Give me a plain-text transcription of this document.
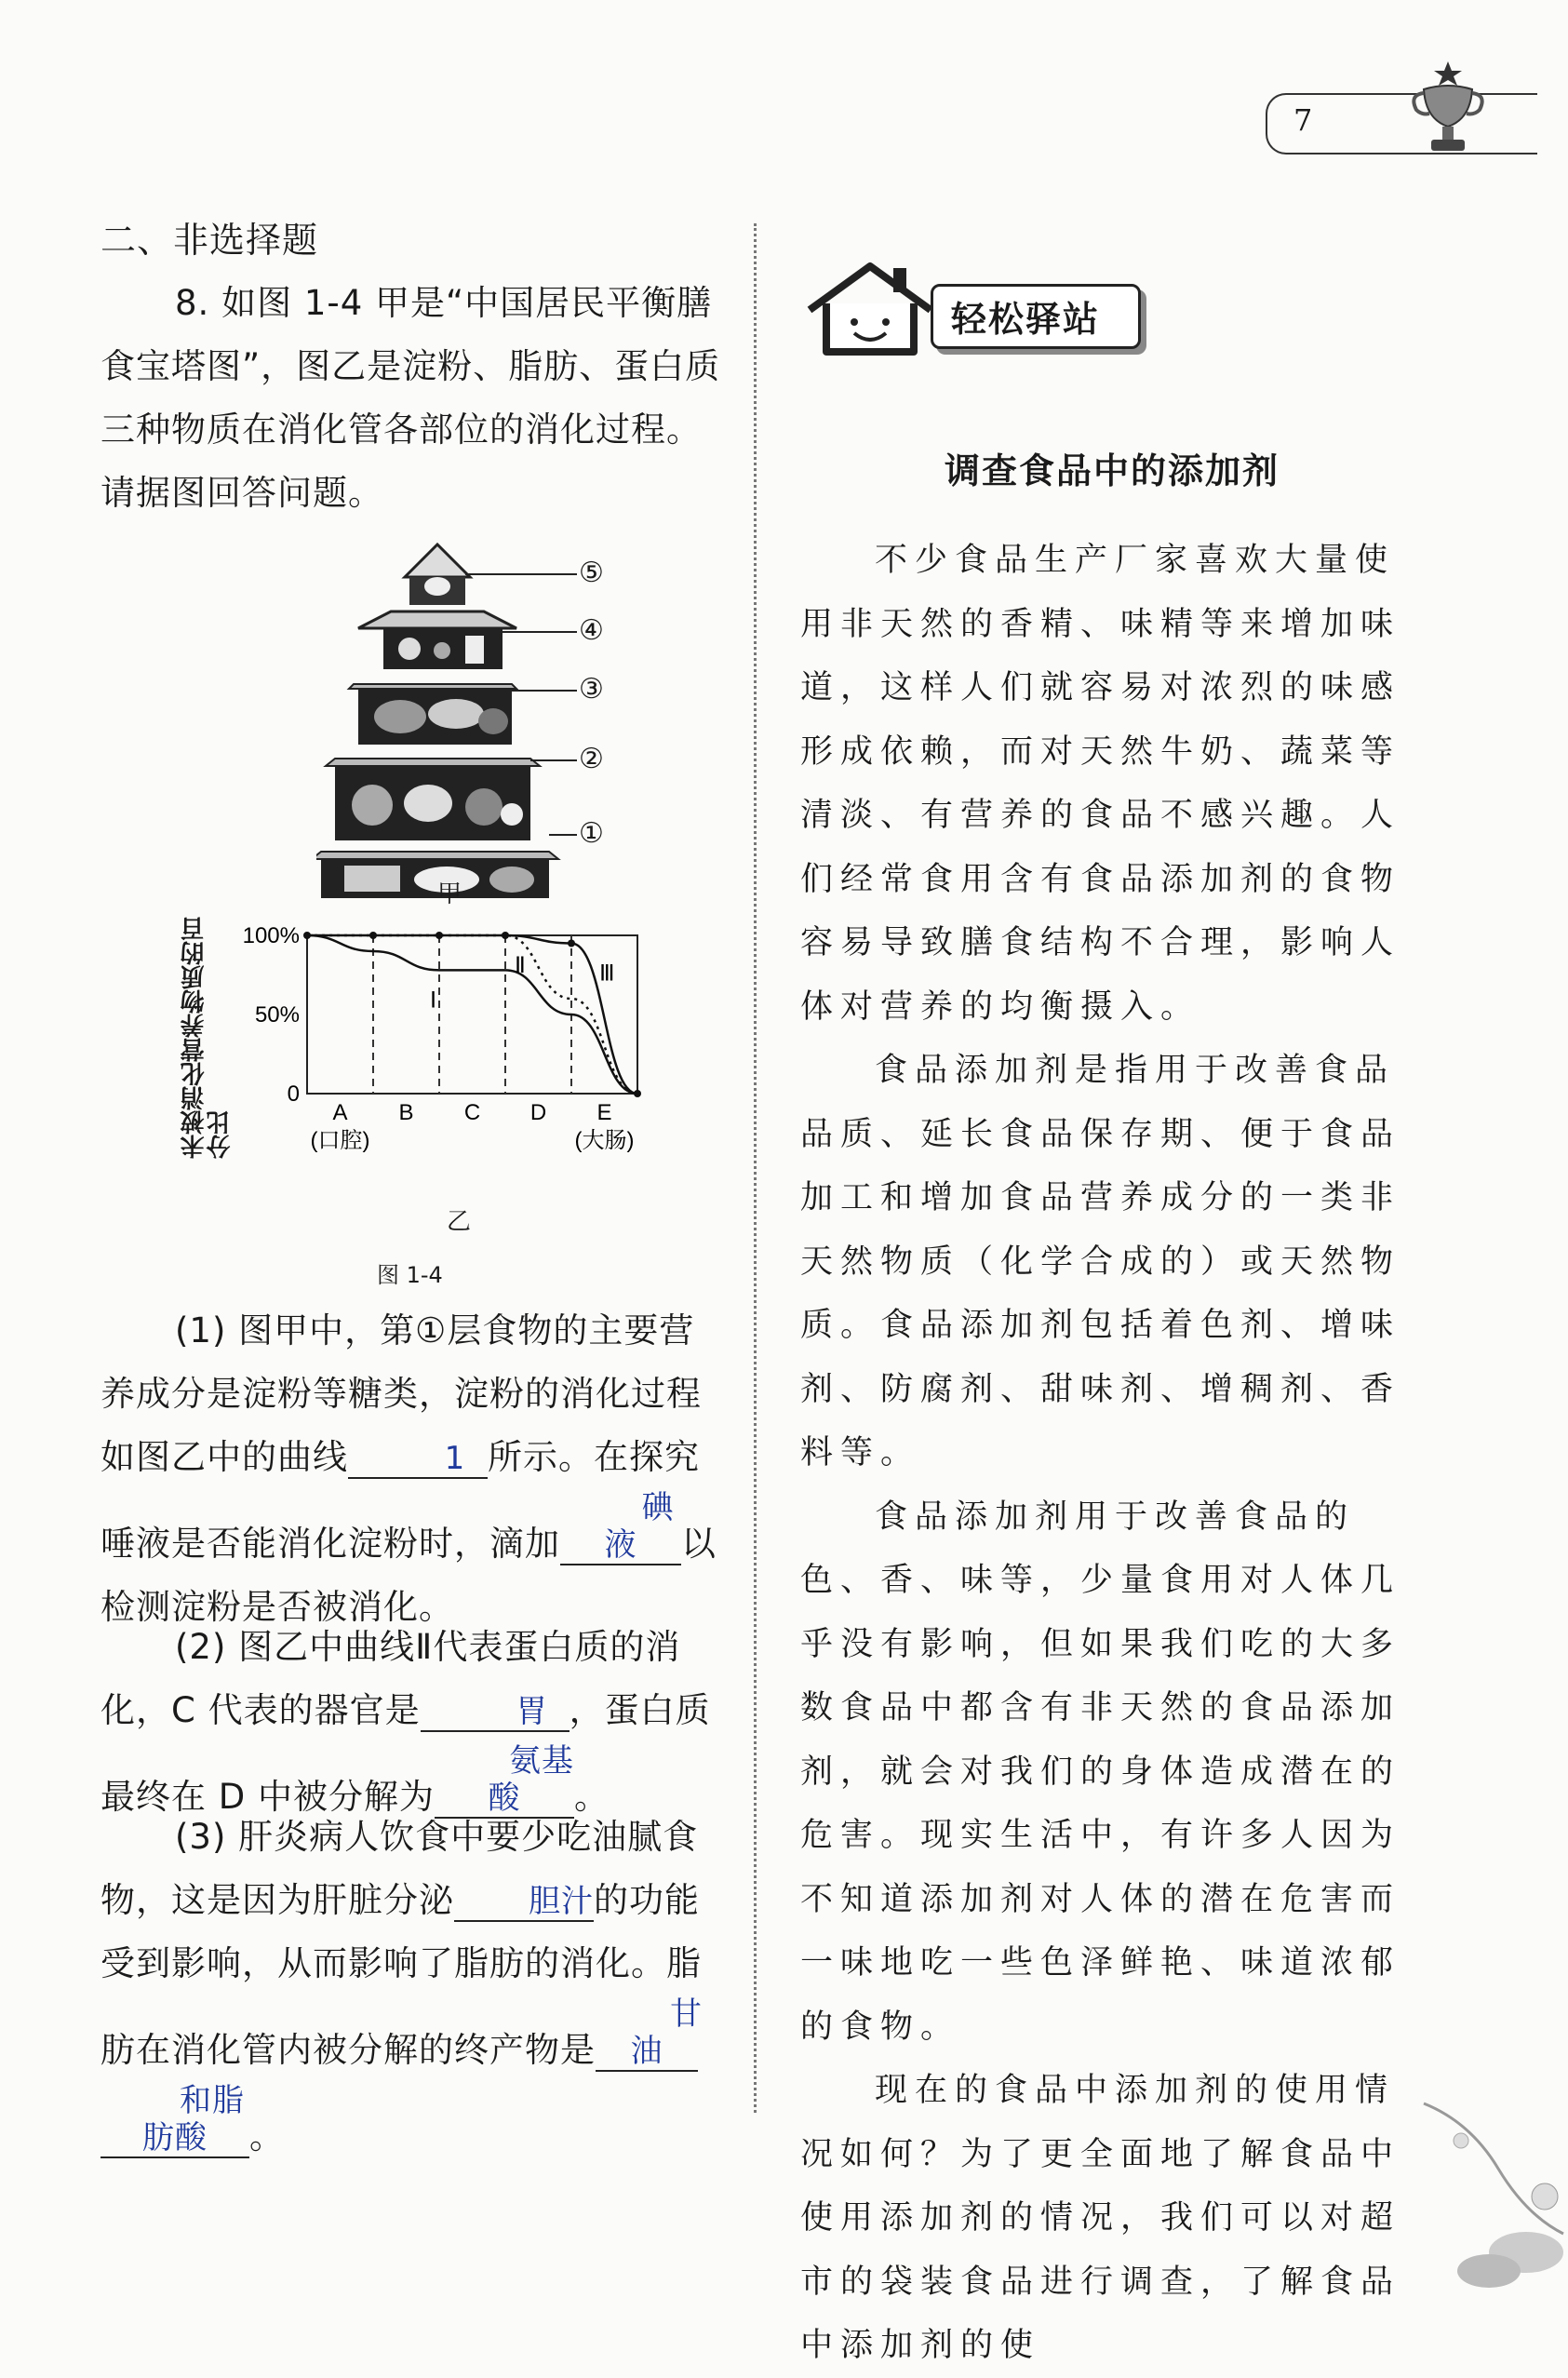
7
二、非选择题
8. 如图 1-4 甲是“中国居民平衡膳食宝塔图”，图乙是淀粉、脂肪、蛋白质三种物质在消化管各部位的消化过程。请据图回答问题。
⑤
④
③
②
①
甲
未被消化营养物质的百分比
100%
50%
0
A B C D E
(口腔)	(大肠)
Ⅰ
Ⅱ	Ⅲ
乙
图 1-4
(1) 图甲中，第①层食物的主要营养成分是淀粉等糖类，淀粉的消化过程如图乙中的曲线	1 所示。在探究唾液是否能消化淀粉时，滴加碘液 以检测淀粉是否被消化。
(2) 图乙中曲线Ⅱ代表蛋白质的消化，C 代表的器官是	胃 ，蛋白质最终在 D 中被分解为氨基酸 。
(3) 肝炎病人饮食中要少吃油腻食物，这是因为肝脏分泌 胆汁的功能受到影响，从而影响了脂肪的消化。脂肪在消化管内被分解的终产物是甘油和脂肪酸 。
轻松驿站
调查食品中的添加剂

不少食品生产厂家喜欢大量使用非天然的香精、味精等来增加味道，这样人们就容易对浓烈的味感形成依赖，而对天然牛奶、蔬菜等清淡、有营养的食品不感兴趣。人们经常食用含有食品添加剂的食物容易导致膳食结构不合理，影响人体对营养的均衡摄入。

食品添加剂是指用于改善食品品质、延长食品保存期、便于食品加工和增加食品营养成分的一类非天然物质（化学合成的）或天然物质。食品添加剂包括着色剂、增味剂、防腐剂、甜味剂、增稠剂、香料等。

食品添加剂用于改善食品的色、香、味等，少量食用对人体几乎没有影响，但如果我们吃的大多数食品中都含有非天然的食品添加剂，就会对我们的身体造成潜在的危害。现实生活中，有许多人因为不知道添加剂对人体的潜在危害而一味地吃一些色泽鲜艳、味道浓郁的食物。

现在的食品中添加剂的使用情况如何？为了更全面地了解食品中使用添加剂的情况，我们可以对超市的袋装食品进行调查，了解食品中添加剂的使
